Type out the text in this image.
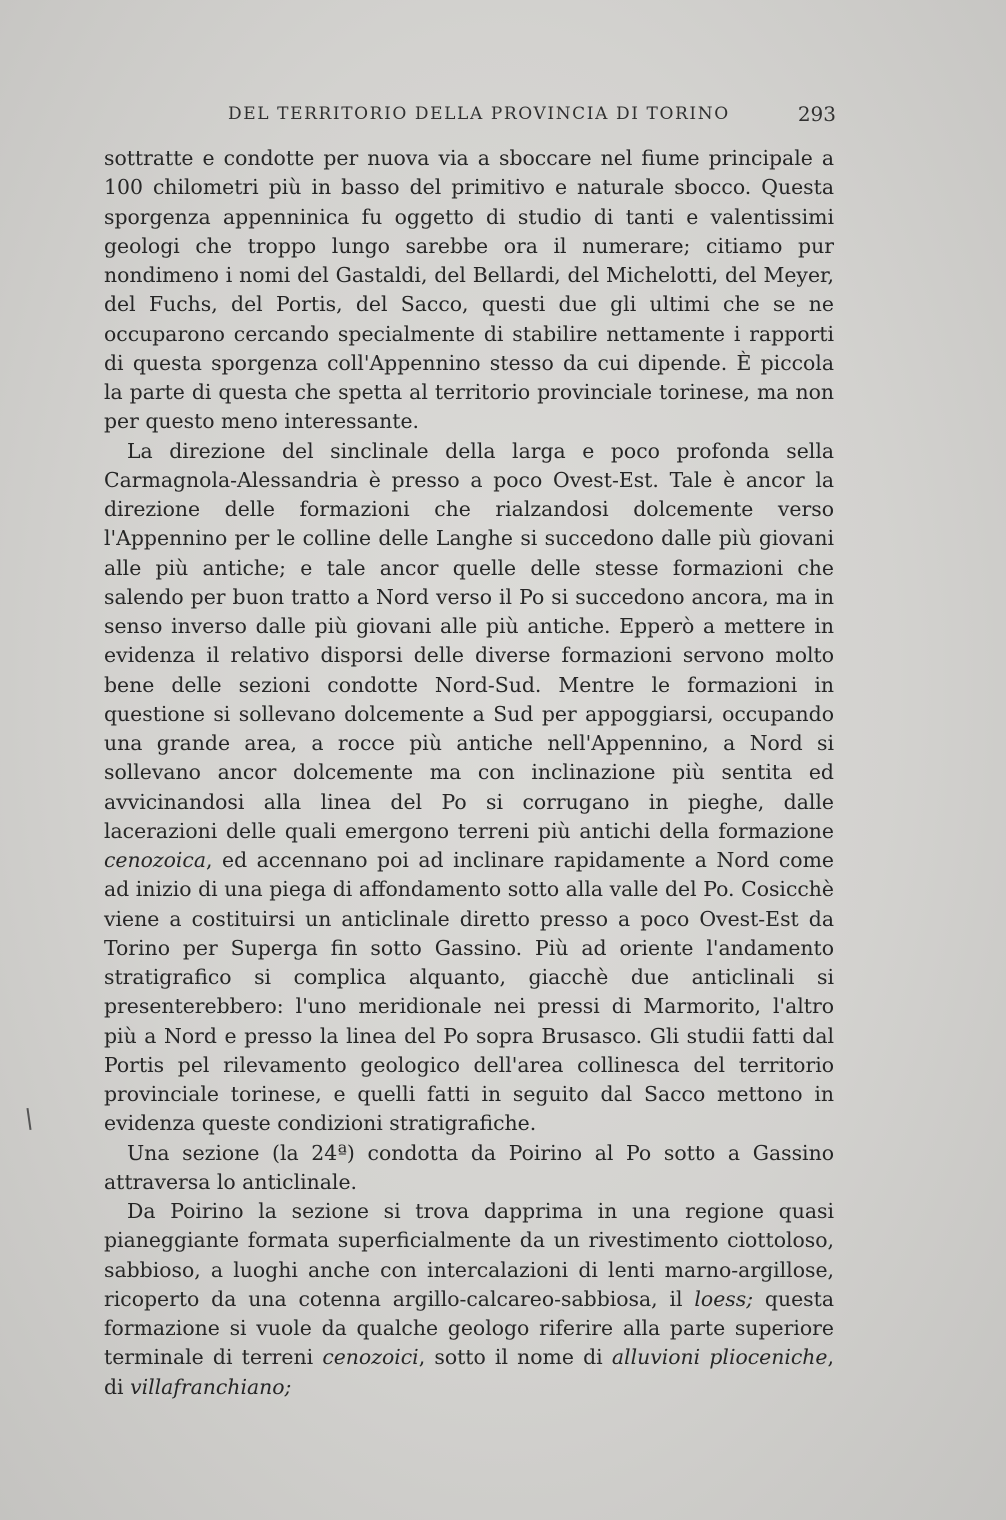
DEL TERRITORIO DELLA PROVINCIA DI TORINO	293

sottratte e condotte per nuova via a sboccare nel fiume principale a 100 chilometri più in basso del primitivo e naturale sbocco. Questa sporgenza appenninica fu oggetto di studio di tanti e valentissimi geologi che troppo lungo sarebbe ora il numerare; citiamo pur nondimeno i nomi del Gastaldi, del Bellardi, del Michelotti, del Meyer, del Fuchs, del Portis, del Sacco, questi due gli ultimi che se ne occuparono cercando specialmente di stabilire nettamente i rapporti di questa sporgenza coll'Appennino stesso da cui dipende. È piccola la parte di questa che spetta al territorio provinciale torinese, ma non per questo meno interessante.

La direzione del sinclinale della larga e poco profonda sella Carmagnola-Alessandria è presso a poco Ovest-Est. Tale è ancor la direzione delle formazioni che rialzandosi dolcemente verso l'Appennino per le colline delle Langhe si succedono dalle più giovani alle più antiche; e tale ancor quelle delle stesse formazioni che salendo per buon tratto a Nord verso il Po si succedono ancora, ma in senso inverso dalle più giovani alle più antiche. Epperò a mettere in evidenza il relativo disporsi delle diverse formazioni servono molto bene delle sezioni condotte Nord-Sud. Mentre le formazioni in questione si sollevano dolcemente a Sud per appoggiarsi, occupando una grande area, a rocce più antiche nell'Appennino, a Nord si sollevano ancor dolcemente ma con inclinazione più sentita ed avvicinandosi alla linea del Po si corrugano in pieghe, dalle lacerazioni delle quali emergono terreni più antichi della formazione cenozoica, ed accennano poi ad inclinare rapidamente a Nord come ad inizio di una piega di affondamento sotto alla valle del Po. Cosicchè viene a costituirsi un anticlinale diretto presso a poco Ovest-Est da Torino per Superga fin sotto Gassino. Più ad oriente l'andamento stratigrafico si complica alquanto, giacchè due anticlinali si presenterebbero: l'uno meridionale nei pressi di Marmorito, l'altro più a Nord e presso la linea del Po sopra Brusasco. Gli studii fatti dal Portis pel rilevamento geologico dell'area collinesca del territorio provinciale torinese, e quelli fatti in seguito dal Sacco mettono in evidenza queste condizioni stratigrafiche.

Una sezione (la 24ª) condotta da Poirino al Po sotto a Gassino attraversa lo anticlinale.

Da Poirino la sezione si trova dapprima in una regione quasi pianeggiante formata superficialmente da un rivestimento ciottoloso, sabbioso, a luoghi anche con intercalazioni di lenti marno-argillose, ricoperto da una cotenna argillo-calcareo-sabbiosa, il loess; questa formazione si vuole da qualche geologo riferire alla parte superiore terminale di terreni cenozoici, sotto il nome di alluvioni plioceniche, di villafranchiano;
